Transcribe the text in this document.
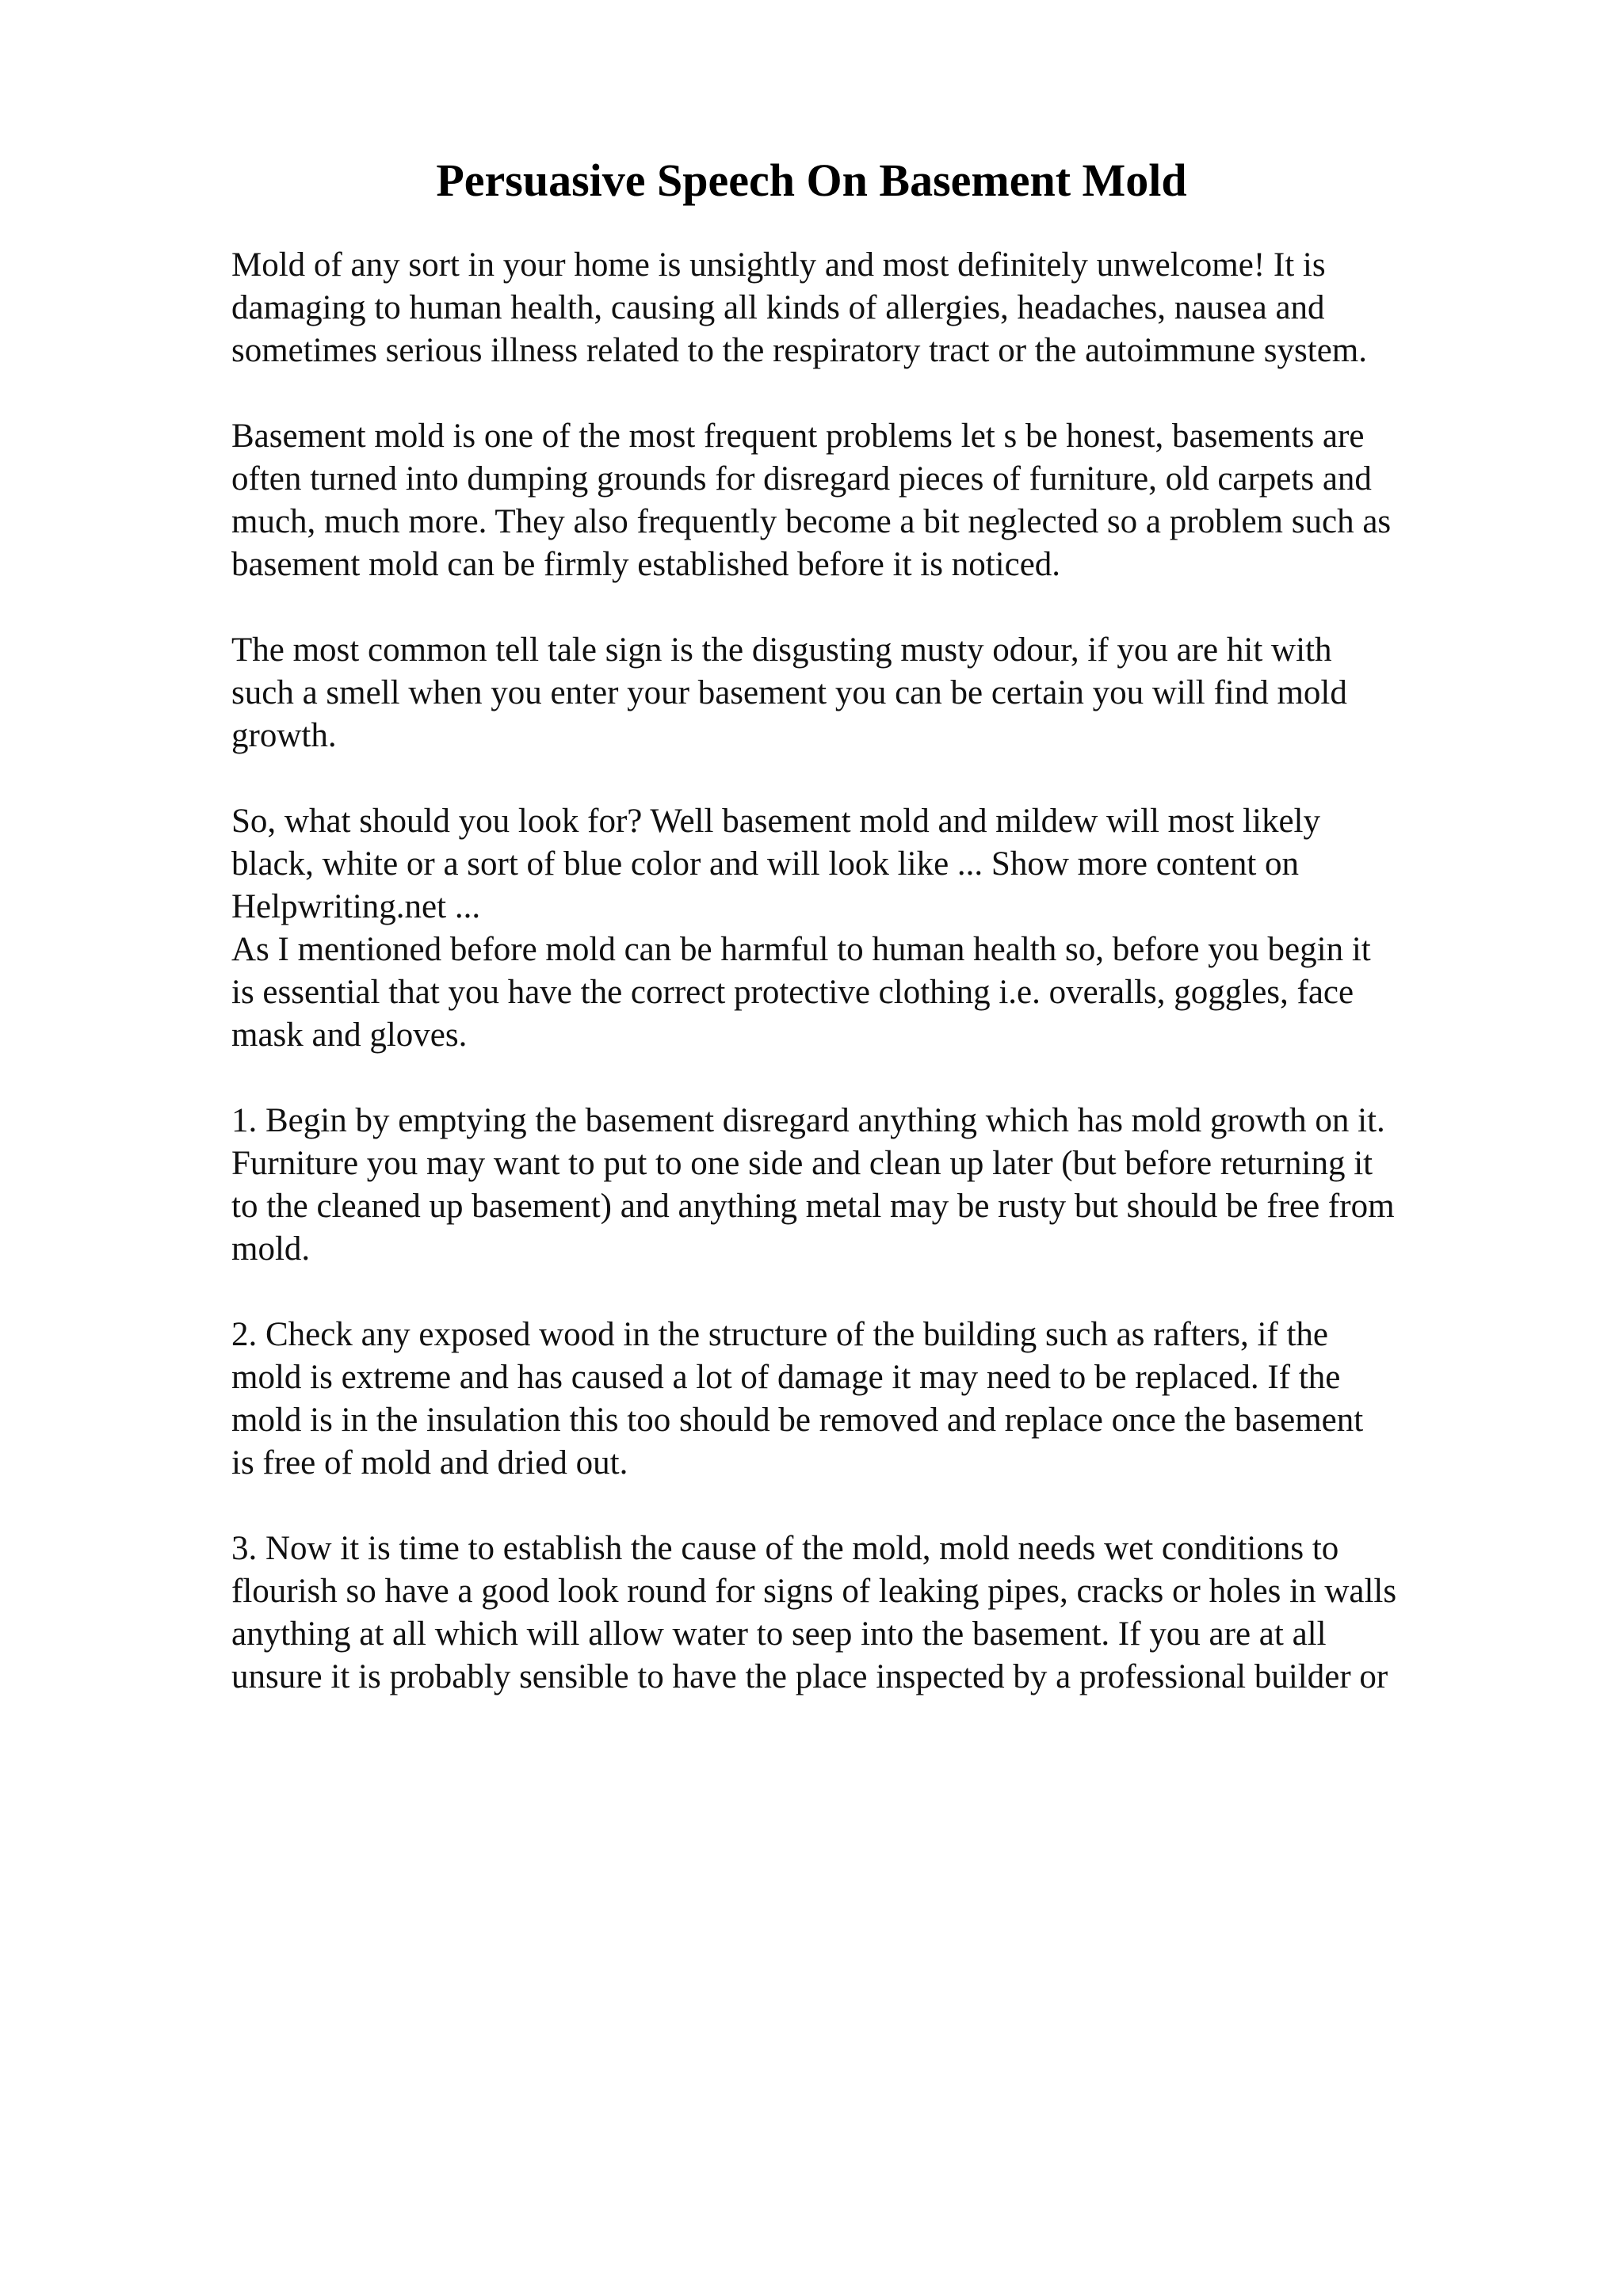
Persuasive Speech On Basement Mold

Mold of any sort in your home is unsightly and most definitely unwelcome! It is
damaging to human health, causing all kinds of allergies, headaches, nausea and
sometimes serious illness related to the respiratory tract or the autoimmune system.

Basement mold is one of the most frequent problems let s be honest, basements are
often turned into dumping grounds for disregard pieces of furniture, old carpets and
much, much more. They also frequently become a bit neglected so a problem such as
basement mold can be firmly established before it is noticed.

The most common tell tale sign is the disgusting musty odour, if you are hit with
such a smell when you enter your basement you can be certain you will find mold
growth.

So, what should you look for? Well basement mold and mildew will most likely
black, white or a sort of blue color and will look like ... Show more content on
Helpwriting.net ...

As I mentioned before mold can be harmful to human health so, before you begin it
is essential that you have the correct protective clothing i.e. overalls, goggles, face
mask and gloves.

1. Begin by emptying the basement disregard anything which has mold growth on it.
Furniture you may want to put to one side and clean up later (but before returning it
to the cleaned up basement) and anything metal may be rusty but should be free from
mold.

2. Check any exposed wood in the structure of the building such as rafters, if the
mold is extreme and has caused a lot of damage it may need to be replaced. If the
mold is in the insulation this too should be removed and replace once the basement
is free of mold and dried out.

3. Now it is time to establish the cause of the mold, mold needs wet conditions to
flourish so have a good look round for signs of leaking pipes, cracks or holes in walls
anything at all which will allow water to seep into the basement. If you are at all
unsure it is probably sensible to have the place inspected by a professional builder or
